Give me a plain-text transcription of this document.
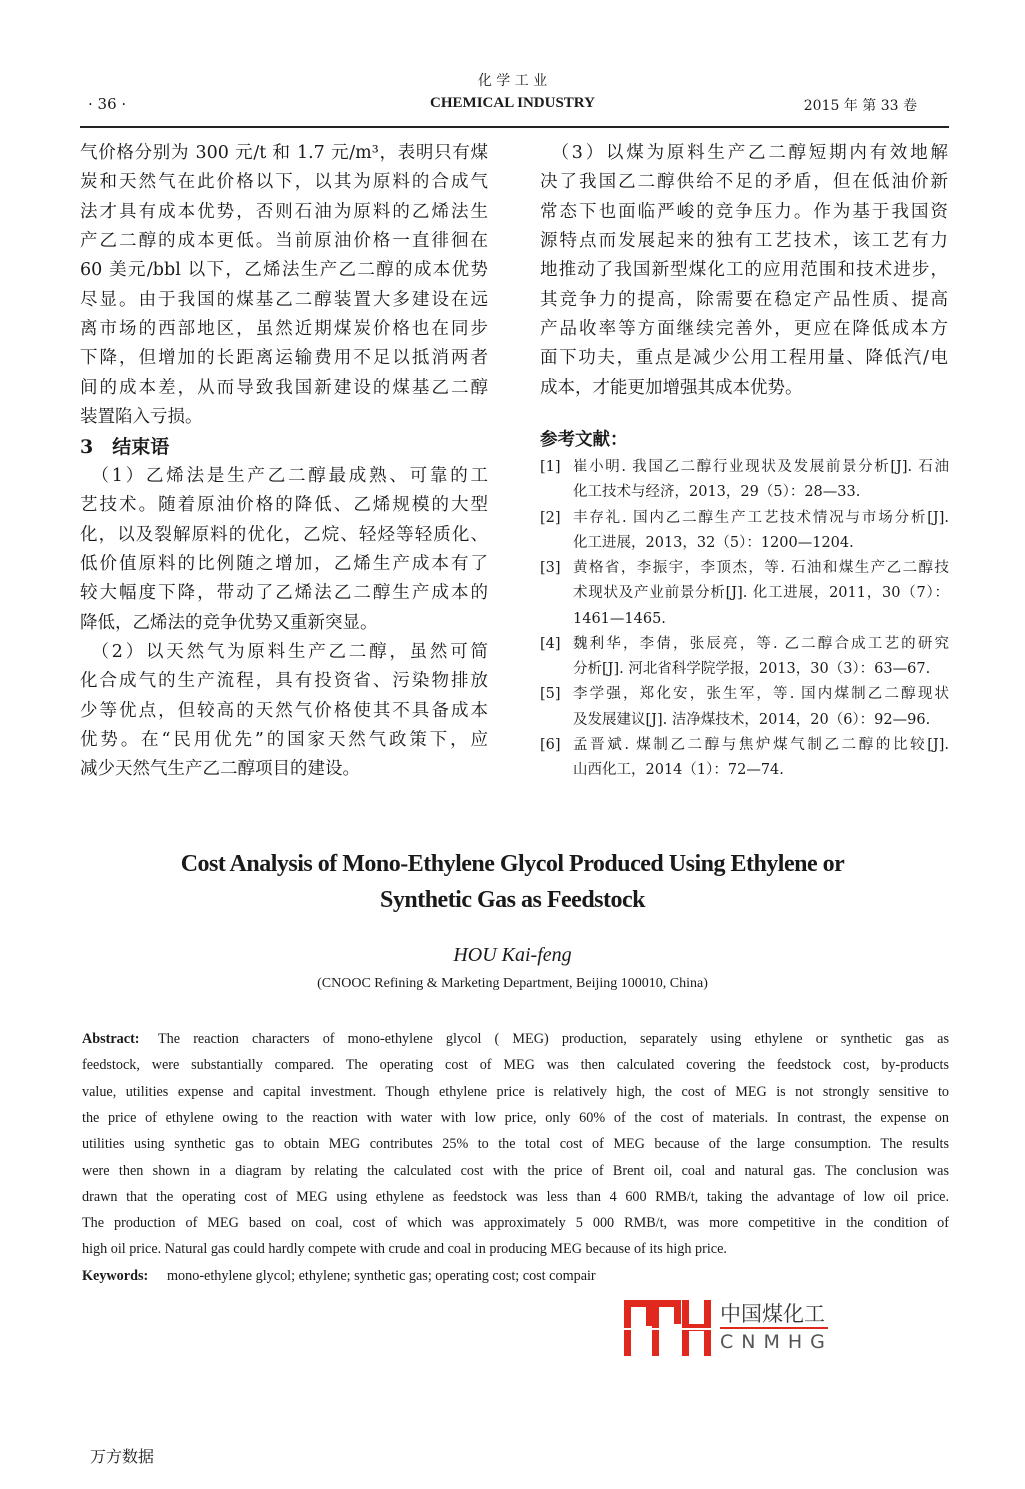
化 学 工 业
· 36 ·	CHEMICAL INDUSTRY	2015 年 第 33 卷
气价格分别为 300 元/t 和 1.7 元/m³，表明只有煤
炭和天然气在此价格以下，以其为原料的合成气
法才具有成本优势，否则石油为原料的乙烯法生
产乙二醇的成本更低。当前原油价格一直徘徊在
60 美元/bbl 以下，乙烯法生产乙二醇的成本优势
尽显。由于我国的煤基乙二醇装置大多建设在远
离市场的西部地区，虽然近期煤炭价格也在同步
下降，但增加的长距离运输费用不足以抵消两者
间的成本差，从而导致我国新建设的煤基乙二醇
装置陷入亏损。
3　结束语
　（1）乙烯法是生产乙二醇最成熟、可靠的工
艺技术。随着原油价格的降低、乙烯规模的大型
化，以及裂解原料的优化，乙烷、轻烃等轻质化、
低价值原料的比例随之增加，乙烯生产成本有了
较大幅度下降，带动了乙烯法乙二醇生产成本的
降低，乙烯法的竞争优势又重新突显。
　（2）以天然气为原料生产乙二醇，虽然可简
化合成气的生产流程，具有投资省、污染物排放
少等优点，但较高的天然气价格使其不具备成本
优势。在“民用优先”的国家天然气政策下，应
减少天然气生产乙二醇项目的建设。
　（3）以煤为原料生产乙二醇短期内有效地解
决了我国乙二醇供给不足的矛盾，但在低油价新
常态下也面临严峻的竞争压力。作为基于我国资
源特点而发展起来的独有工艺技术，该工艺有力
地推动了我国新型煤化工的应用范围和技术进步，
其竞争力的提高，除需要在稳定产品性质、提高
产品收率等方面继续完善外，更应在降低成本方
面下功夫，重点是减少公用工程用量、降低汽/电
成本，才能更加增强其成本优势。
参考文献：
[1] 崔小明. 我国乙二醇行业现状及发展前景分析[J]. 石油
化工技术与经济，2013，29（5）：28—33.
[2] 丰存礼. 国内乙二醇生产工艺技术情况与市场分析[J].
化工进展，2013，32（5）：1200—1204.
[3] 黄格省，李振宇，李顶杰，等. 石油和煤生产乙二醇技
术现状及产业前景分析[J]. 化工进展，2011，30（7）：
1461—1465.
[4] 魏利华，李倩，张辰亮，等. 乙二醇合成工艺的研究
分析[J]. 河北省科学院学报，2013，30（3）：63—67.
[5] 李学强，郑化安，张生军，等. 国内煤制乙二醇现状
及发展建议[J]. 洁净煤技术，2014，20（6）：92—96.
[6] 孟晋斌. 煤制乙二醇与焦炉煤气制乙二醇的比较[J].
山西化工，2014（1）：72—74.
Cost Analysis of Mono-Ethylene Glycol Produced Using Ethylene or
Synthetic Gas as Feedstock
HOU Kai-feng
(CNOOC Refining & Marketing Department, Beijing 100010, China)
Abstract:	The reaction characters of mono-ethylene glycol ( MEG) production, separately using ethylene or synthetic gas as
feedstock, were substantially compared. The operating cost of MEG was then calculated covering the feedstock cost, by-products
value, utilities expense and capital investment. Though ethylene price is relatively high, the cost of MEG is not strongly sensitive to
the price of ethylene owing to the reaction with water with low price, only 60% of the cost of materials. In contrast, the expense on
utilities using synthetic gas to obtain MEG contributes 25% to the total cost of MEG because of the large consumption. The results
were then shown in a diagram by relating the calculated cost with the price of Brent oil, coal and natural gas. The conclusion was
drawn that the operating cost of MEG using ethylene as feedstock was less than 4 600 RMB/t, taking the advantage of low oil price.
The production of MEG based on coal, cost of which was approximately 5 000 RMB/t, was more competitive in the condition of
high oil price. Natural gas could hardly compete with crude and coal in producing MEG because of its high price.
Keywords:	mono-ethylene glycol; ethylene; synthetic gas; operating cost; cost compair
中国煤化工
CNMHG
万方数据
